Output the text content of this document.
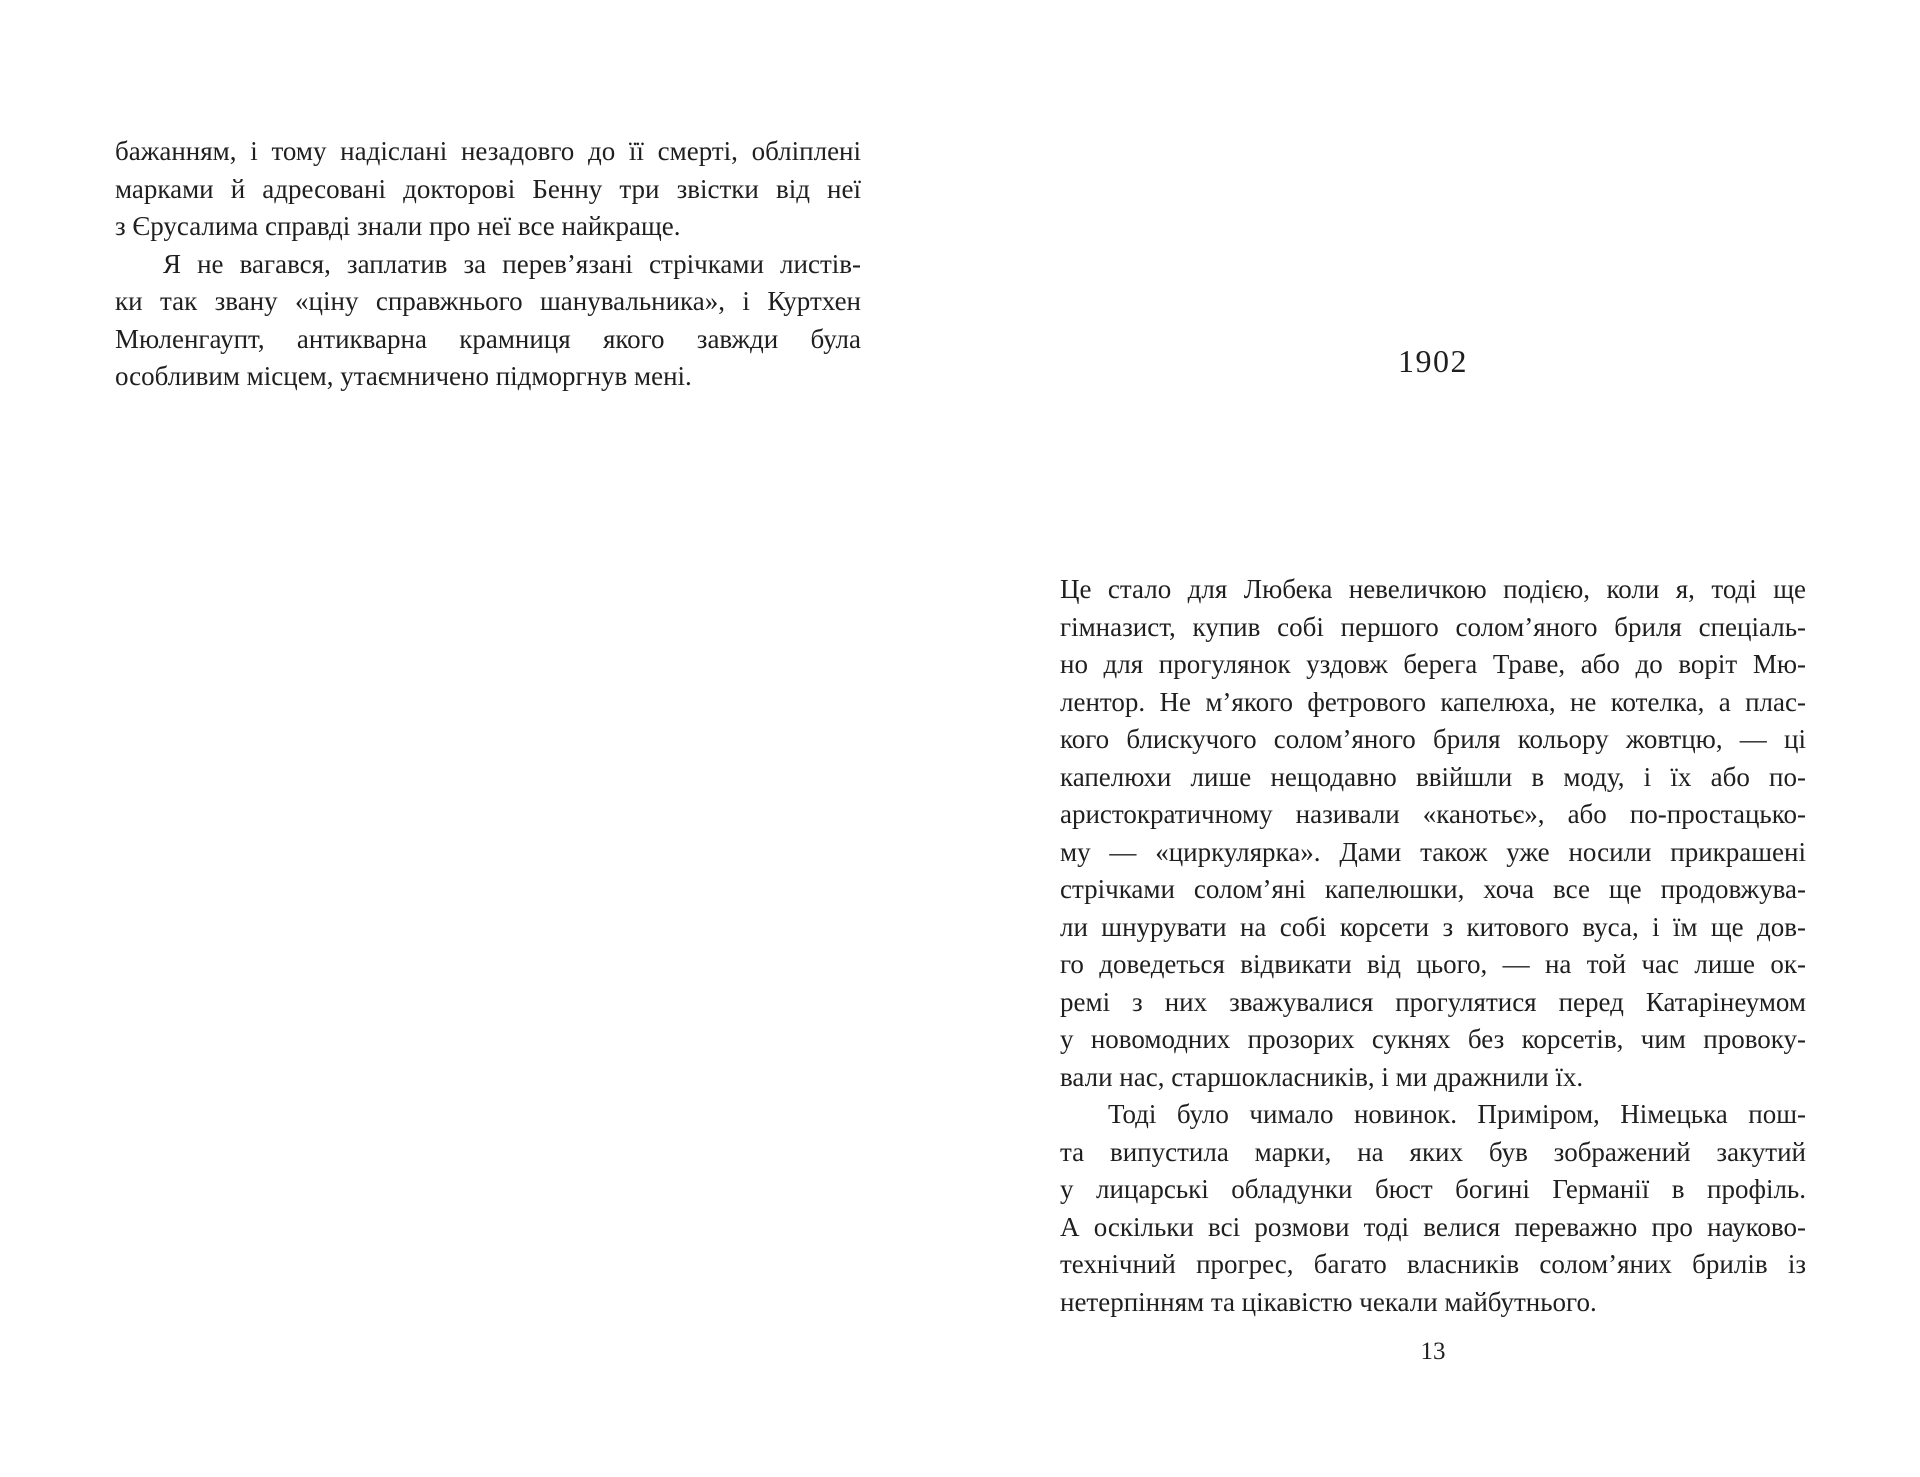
бажанням, і тому надіслані незадовго до її смерті, обліплені
марками й адресовані докторові Бенну три звістки від неї
з Єрусалима справді знали про неї все найкраще.
Я не вагався, заплатив за перев’язані стрічками листів-
ки так звану «ціну справжнього шанувальника», і Куртхен
Мюленгаупт, антикварна крамниця якого завжди була
особливим місцем, утаємничено підморгнув мені.	1902
Це стало для Любека невеличкою подією, коли я, тоді ще
гімназист, купив собі першого солом’яного бриля спеціаль-
но для прогулянок уздовж берега Траве, або до воріт Мю-
лентор. Не м’якого фетрового капелюха, не котелка, а плас-
кого блискучого солом’яного бриля кольору жовтцю, — ці
капелюхи лише нещодавно ввійшли в моду, і їх або по-
аристократичному називали «канотьє», або по-простацько-
му — «циркулярка». Дами також уже носили прикрашені
стрічками солом’яні капелюшки, хоча все ще продовжува-
ли шнурувати на собі корсети з китового вуса, і їм ще дов-
го доведеться відвикати від цього, — на той час лише ок-
ремі з них зважувалися прогулятися перед Катарінеумом
у новомодних прозорих сукнях без корсетів, чим провоку-
вали нас, старшокласників, і ми дражнили їх.
Тоді було чимало новинок. Приміром, Німецька пош-
та випустила марки, на яких був зображений закутий
у лицарські обладунки бюст богині Германії в профіль.
А оскільки всі розмови тоді велися переважно про науково-
технічний прогрес, багато власників солом’яних брилів із
нетерпінням та цікавістю чекали майбутнього.
13
